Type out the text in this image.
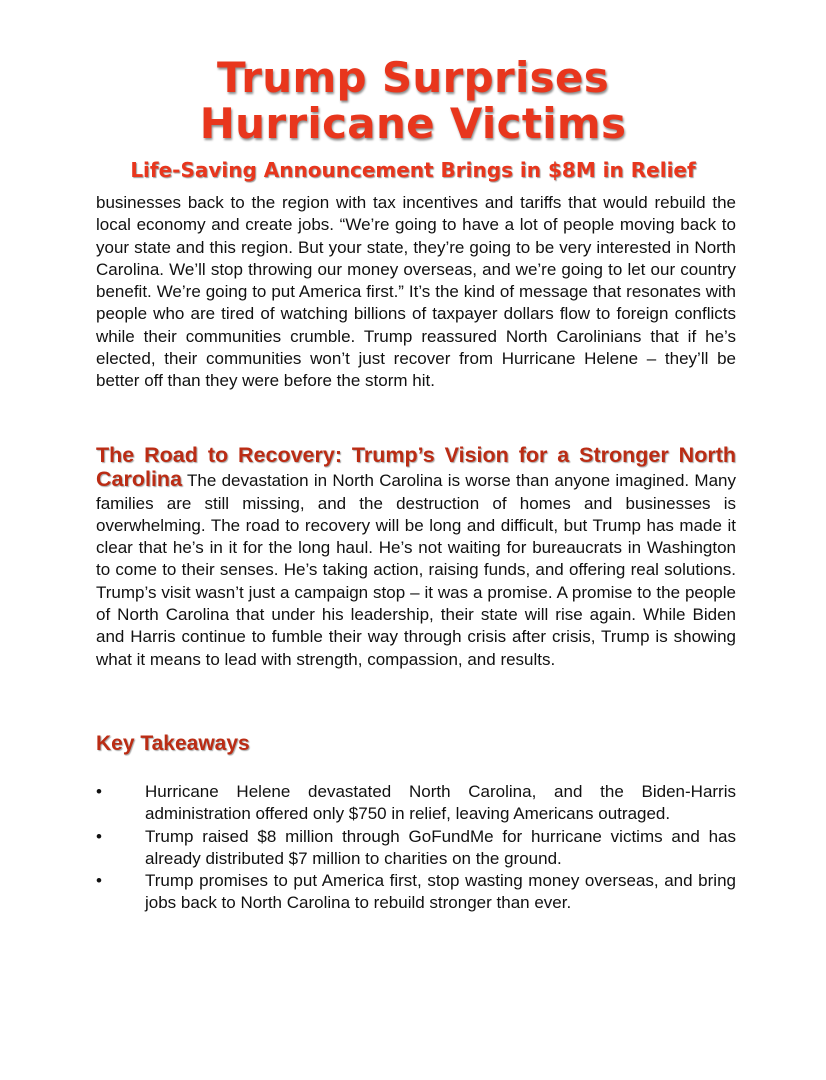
Trump Surprises
Hurricane Victims
Life-Saving Announcement Brings in $8M in Relief

businesses back to the region with tax incentives and tariffs that would rebuild the local economy and create jobs. “We’re going to have a lot of people moving back to your state and this region. But your state, they’re going to be very interested in North Carolina. We’ll stop throwing our money overseas, and we’re going to let our country benefit. We’re going to put America first.” It’s the kind of message that resonates with people who are tired of watching billions of taxpayer dollars flow to foreign conflicts while their communities crumble. Trump reassured North Carolinians that if he’s elected, their communities won’t just recover from Hurricane Helene – they’ll be better off than they were before the storm hit.

The Road to Recovery: Trump’s Vision for a Stronger North Carolina The devastation in North Carolina is worse than anyone imagined. Many families are still missing, and the destruction of homes and businesses is overwhelming. The road to recovery will be long and difficult, but Trump has made it clear that he’s in it for the long haul. He’s not waiting for bureaucrats in Washington to come to their senses. He’s taking action, raising funds, and offering real solutions. Trump’s visit wasn’t just a campaign stop – it was a promise. A promise to the people of North Carolina that under his leadership, their state will rise again. While Biden and Harris continue to fumble their way through crisis after crisis, Trump is showing what it means to lead with strength, compassion, and results.

Key Takeaways
•	Hurricane Helene devastated North Carolina, and the Biden-Harris administration offered only $750 in relief, leaving Americans outraged.
•	Trump raised $8 million through GoFundMe for hurricane victims and has already distributed $7 million to charities on the ground.
•	Trump promises to put America first, stop wasting money overseas, and bring jobs back to North Carolina to rebuild stronger than ever.
